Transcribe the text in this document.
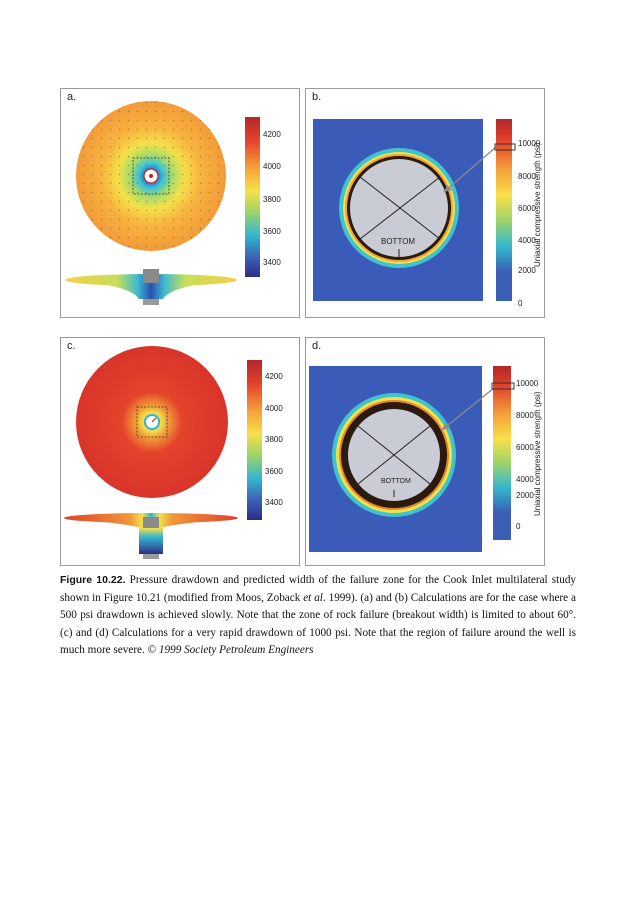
a.
4200
4000
3800
3600
3400
b.
BOTTOM
10000
8000
6000
4000
2000
0
Uniaxial compressive strength (psi)
c.
4200
4000
3800
3600
3400
d.
BOTTOM
10000
8000
6000
4000
2000
0
Uniaxial compressive strength (psi)
Figure 10.22. Pressure drawdown and predicted width of the failure zone for the Cook Inlet multilateral study shown in Figure 10.21 (modified from Moos, Zoback et al. 1999). (a) and (b) Calculations are for the case where a 500 psi drawdown is achieved slowly. Note that the zone of rock failure (breakout width) is limited to about 60°. (c) and (d) Calculations for a very rapid drawdown of 1000 psi. Note that the region of failure around the well is much more severe. © 1999 Society Petroleum Engineers
